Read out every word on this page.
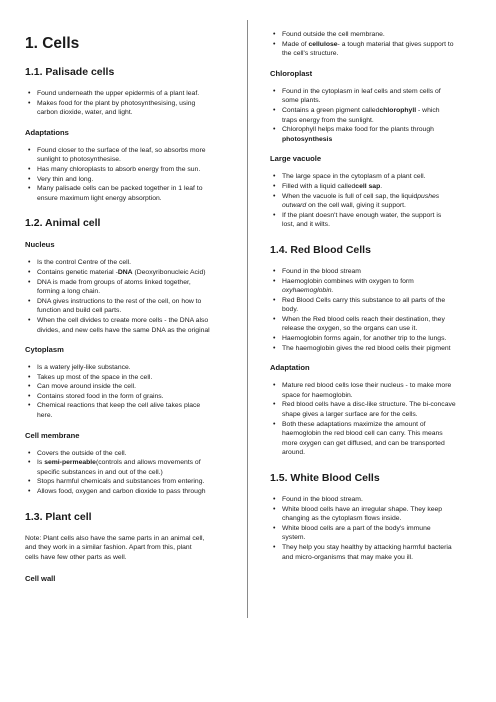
1. Cells
1.1. Palisade cells
• Found underneath the upper epidermis of a plant leaf.
• Makes food for the plant by photosynthesising, using
carbon dioxide, water, and light.
Adaptations
• Found closer to the surface of the leaf, so absorbs more
sunlight to photosynthesise.
• Has many chloroplasts to absorb energy from the sun.
• Very thin and long.
• Many palisade cells can be packed together in 1 leaf to
ensure maximum light energy absorption.
1.2. Animal cell
Nucleus
• Is the control Centre of the cell.
• Contains genetic material -DNA (Deoxyribonucleic Acid)
• DNA is made from groups of atoms linked together,
forming a long chain.
• DNA gives instructions to the rest of the cell, on how to
function and build cell parts.
• When the cell divides to create more cells - the DNA also
divides, and new cells have the same DNA as the original
Cytoplasm
• Is a watery jelly-like substance.
• Takes up most of the space in the cell.
• Can move around inside the cell.
• Contains stored food in the form of grains.
• Chemical reactions that keep the cell alive takes place
here.
Cell membrane
• Covers the outside of the cell.
• Is semi-permeable(controls and allows movements of
specific substances in and out of the cell.)
• Stops harmful chemicals and substances from entering.
• Allows food, oxygen and carbon dioxide to pass through
1.3. Plant cell

Note: Plant cells also have the same parts in an animal cell,
and they work in a similar fashion. Apart from this, plant
cells have few other parts as well.

Cell wall
• Found outside the cell membrane.
• Made of cellulose- a tough material that gives support to
the cell's structure.
Chloroplast
• Found in the cytoplasm in leaf cells and stem cells of
some plants.
• Contains a green pigment calledchlorophyll - which
traps energy from the sunlight.
• Chlorophyll helps make food for the plants through
photosynthesis
Large vacuole
• The large space in the cytoplasm of a plant cell.
• Filled with a liquid calledcell sap.
• When the vacuole is full of cell sap, the liquidpushes
outward on the cell wall, giving it support.
• If the plant doesn't have enough water, the support is
lost, and it wilts.
1.4. Red Blood Cells
• Found in the blood stream
• Haemoglobin combines with oxygen to form
oxyhaemoglobin.
• Red Blood Cells carry this substance to all parts of the
body.
• When the Red blood cells reach their destination, they
release the oxygen, so the organs can use it.
• Haemoglobin forms again, for another trip to the lungs.
• The haemoglobin gives the red blood cells their pigment
Adaptation
• Mature red blood cells lose their nucleus - to make more
space for haemoglobin.
• Red blood cells have a disc-like structure. The bi-concave
shape gives a larger surface are for the cells.
• Both these adaptations maximize the amount of
haemoglobin the red blood cell can carry. This means
more oxygen can get diffused, and can be transported
around.
1.5. White Blood Cells
• Found in the blood stream.
• White blood cells have an irregular shape. They keep
changing as the cytoplasm flows inside.
• White blood cells are a part of the body's immune
system.
• They help you stay healthy by attacking harmful bacteria
and micro-organisms that may make you ill.
